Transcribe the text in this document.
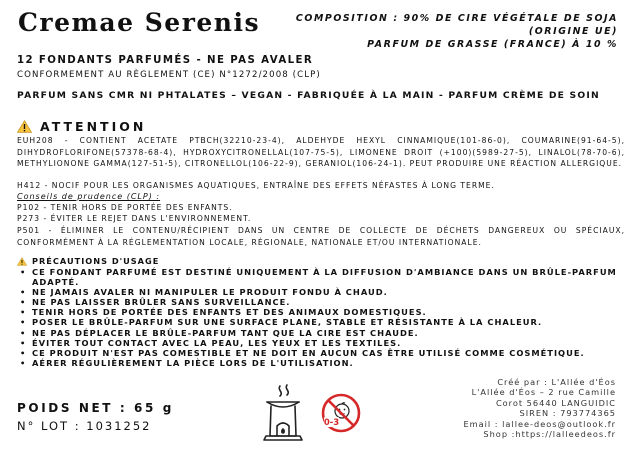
Cremae Serenis	COMPOSITION : 90% DE CIRE VÉGÉTALE DE SOJA
(ORIGINE UE)
PARFUM DE GRASSE (FRANCE) À 10 %
12 FONDANTS PARFUMÉS - NE PAS AVALER
CONFORMEMENT AU RÈGLEMENT (CE) N°1272/2008 (CLP)
PARFUM SANS CMR NI PHTALATES – VEGAN - FABRIQUÉE À LA MAIN - PARFUM CRÈME DE SOIN
ATTENTION
EUH208 - CONTIENT ACETATE PTBCH(32210-23-4), ALDEHYDE HEXYL CINNAMIQUE(101-86-0), COUMARINE(91-64-5), DIHYDROFLORIFONE(57378-68-4), HYDROXYCITRONELLAL(107-75-5), LIMONENE DROIT (+100)(5989-27-5), LINALOL(78-70-6), METHYLIONONE GAMMA(127-51-5), CITRONELLOL(106-22-9), GERANIOL(106-24-1). PEUT PRODUIRE UNE RÉACTION ALLERGIQUE.
H412 - NOCIF POUR LES ORGANISMES AQUATIQUES, ENTRAÎNE DES EFFETS NÉFASTES À LONG TERME.
Conseils de prudence (CLP) :
P102 - TENIR HORS DE PORTÉE DES ENFANTS.
P273 - ÉVITER LE REJET DANS L'ENVIRONNEMENT.
P501 - ÉLIMINER LE CONTENU/RÉCIPIENT DANS UN CENTRE DE COLLECTE DE DÉCHETS DANGEREUX OU SPÉCIAUX, CONFORMÉMENT À LA RÉGLEMENTATION LOCALE, RÉGIONALE, NATIONALE ET/OU INTERNATIONALE.
PRÉCAUTIONS D'USAGE
• CE FONDANT PARFUMÉ EST DESTINÉ UNIQUEMENT À LA DIFFUSION D'AMBIANCE DANS UN BRÛLE-PARFUM ADAPTÉ.
• NE JAMAIS AVALER NI MANIPULER LE PRODUIT FONDU À CHAUD.
• NE PAS LAISSER BRÛLER SANS SURVEILLANCE.
• TENIR HORS DE PORTÉE DES ENFANTS ET DES ANIMAUX DOMESTIQUES.
• POSER LE BRÛLE-PARFUM SUR UNE SURFACE PLANE, STABLE ET RÉSISTANTE À LA CHALEUR.
• NE PAS DÉPLACER LE BRÛLE-PARFUM TANT QUE LA CIRE EST CHAUDE.
• ÉVITER TOUT CONTACT AVEC LA PEAU, LES YEUX ET LES TEXTILES.
• CE PRODUIT N'EST PAS COMESTIBLE ET NE DOIT EN AUCUN CAS ÊTRE UTILISÉ COMME COSMÉTIQUE.
• AÉRER RÉGULIÈREMENT LA PIÈCE LORS DE L'UTILISATION.
POIDS NET : 65 g
N° LOT : 1031252	0-3
Créé par : L'Allée d'Éos
L'Allée d'Éos – 2 rue Camille
Corot 56440 LANGUIDIC
SIREN : 793774365
Email : lallee-deos@outlook.fr
Shop :https://lalleedeos.fr
